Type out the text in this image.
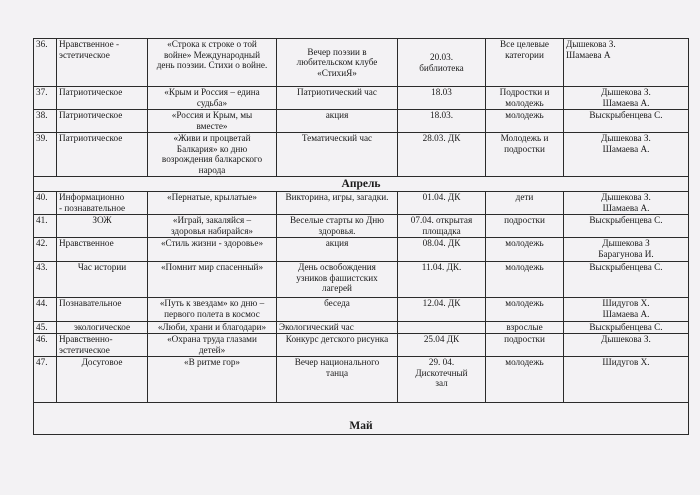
36.	Нравственное -
эстетическое	«Строка к строке о той
войне» Международный
день поэзии. Стихи о войне.	Вечер поэзии в
любительском клубе
«СтихиЯ»	20.03.
библиотека	Все целевые
категории	Дышекова З.
Шамаева А

37.	Патриотическое	«Крым и Россия – едина
судьба»	Патриотический час	18.03	Подростки и
молодежь	Дышекова З.
Шамаева А.

38.	Патриотическое	«Россия и Крым, мы
вместе»	акция	18.03.	молодежь	Выскрыбенцева С.

39.	Патриотическое	«Живи и процветай
Балкария» ко дню
возрождения балкарского
народа	Тематический час	28.03. ДК	Молодежь и
подростки	Дышекова З.
Шамаева А.

Апрель						
40.	Информационно
- познавательное	«Пернатые, крылатые»	Викторина, игры, загадки.	01.04. ДК	дети	Дышекова З.
Шамаева А.

41.	ЗОЖ	«Играй, закаляйся –
здоровья набирайся»	Веселые старты ко Дню
здоровья.	07.04. открытая
площадка	подростки	Выскрыбенцева С.

42.	Нравственное	«Стиль жизни - здоровье»	акция	08.04. ДК	молодежь	Дышекова З
Барагунова И.

43.	Час истории	«Помнит мир спасенный»	День освобождения
узников фашистских
лагерей	11.04. ДК.	молодежь	Выскрыбенцева С.

44.	Познавательное	«Путь к звездам» ко дню –
первого полета в космос	беседа	12.04. ДК	молодежь	Шидугов Х.
Шамаева А.

45.	экологическое	«Люби, храни и благодари»	Экологический час		взрослые	Выскрыбенцева С.

46.	Нравственно-
эстетическое	«Охрана труда глазами
детей»	Конкурс детского рисунка	25.04 ДК	подростки	Дышекова З.

47.	Досуговое	«В ритме гор»	Вечер национального
танца	29. 04.
Дискотечный
зал	молодежь	Шидугов Х.

Май						
